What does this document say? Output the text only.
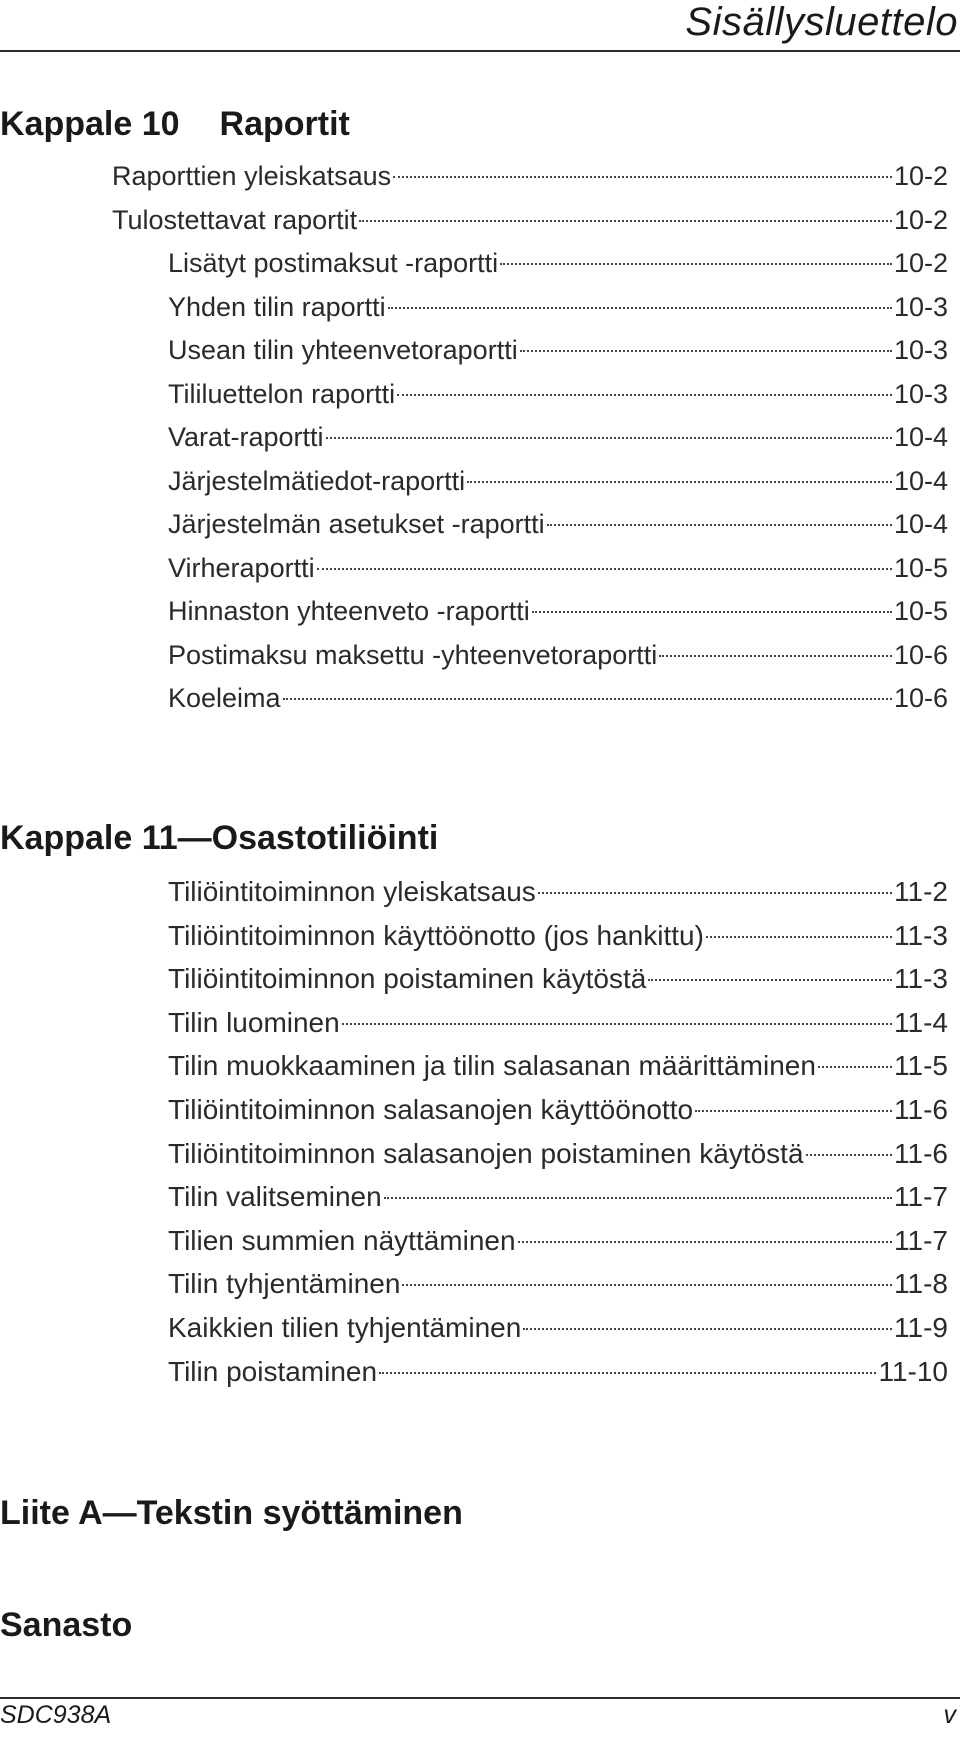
Sisällysluettelo
Kappale 10 Raportit
Raporttien yleiskatsaus	10-2
Tulostettavat raportit	10-2
Lisätyt postimaksut -raportti	10-2
Yhden tilin raportti	10-3
Usean tilin yhteenvetoraportti	10-3
Tililuettelon raportti	10-3
Varat-raportti	10-4
Järjestelmätiedot-raportti	10-4
Järjestelmän asetukset -raportti	10-4
Virheraportti	10-5
Hinnaston yhteenveto -raportti	10-5
Postimaksu maksettu -yhteenvetoraportti	10-6
Koeleima	10-6
Kappale 11—Osastotiliöinti
Tiliöintitoiminnon yleiskatsaus	11-2
Tiliöintitoiminnon käyttöönotto (jos hankittu)	11-3
Tiliöintitoiminnon poistaminen käytöstä	11-3
Tilin luominen	11-4
Tilin muokkaaminen ja tilin salasanan määrittäminen	11-5
Tiliöintitoiminnon salasanojen käyttöönotto	11-6
Tiliöintitoiminnon salasanojen poistaminen käytöstä	11-6
Tilin valitseminen	11-7
Tilien summien näyttäminen	11-7
Tilin tyhjentäminen	11-8
Kaikkien tilien tyhjentäminen	11-9
Tilin poistaminen	11-10
Liite A—Tekstin syöttäminen
Sanasto
SDC938A	v
